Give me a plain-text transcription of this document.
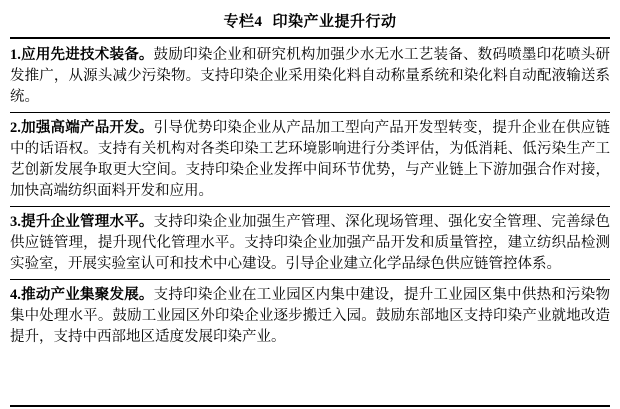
专栏4 印染产业提升行动

1.应用先进技术装备。鼓励印染企业和研究机构加强少水无水工艺装备、数码喷墨印花喷头研发推广，从源头减少污染物。支持印染企业采用染化料自动称量系统和染化料自动配液输送系统。

2.加强高端产品开发。引导优势印染企业从产品加工型向产品开发型转变，提升企业在供应链中的话语权。支持有关机构对各类印染工艺环境影响进行分类评估，为低消耗、低污染生产工艺创新发展争取更大空间。支持印染企业发挥中间环节优势，与产业链上下游加强合作对接，加快高端纺织面料开发和应用。

3.提升企业管理水平。支持印染企业加强生产管理、深化现场管理、强化安全管理、完善绿色供应链管理，提升现代化管理水平。支持印染企业加强产品开发和质量管控，建立纺织品检测实验室，开展实验室认可和技术中心建设。引导企业建立化学品绿色供应链管控体系。

4.推动产业集聚发展。支持印染企业在工业园区内集中建设，提升工业园区集中供热和污染物集中处理水平。鼓励工业园区外印染企业逐步搬迁入园。鼓励东部地区支持印染产业就地改造提升，支持中西部地区适度发展印染产业。
